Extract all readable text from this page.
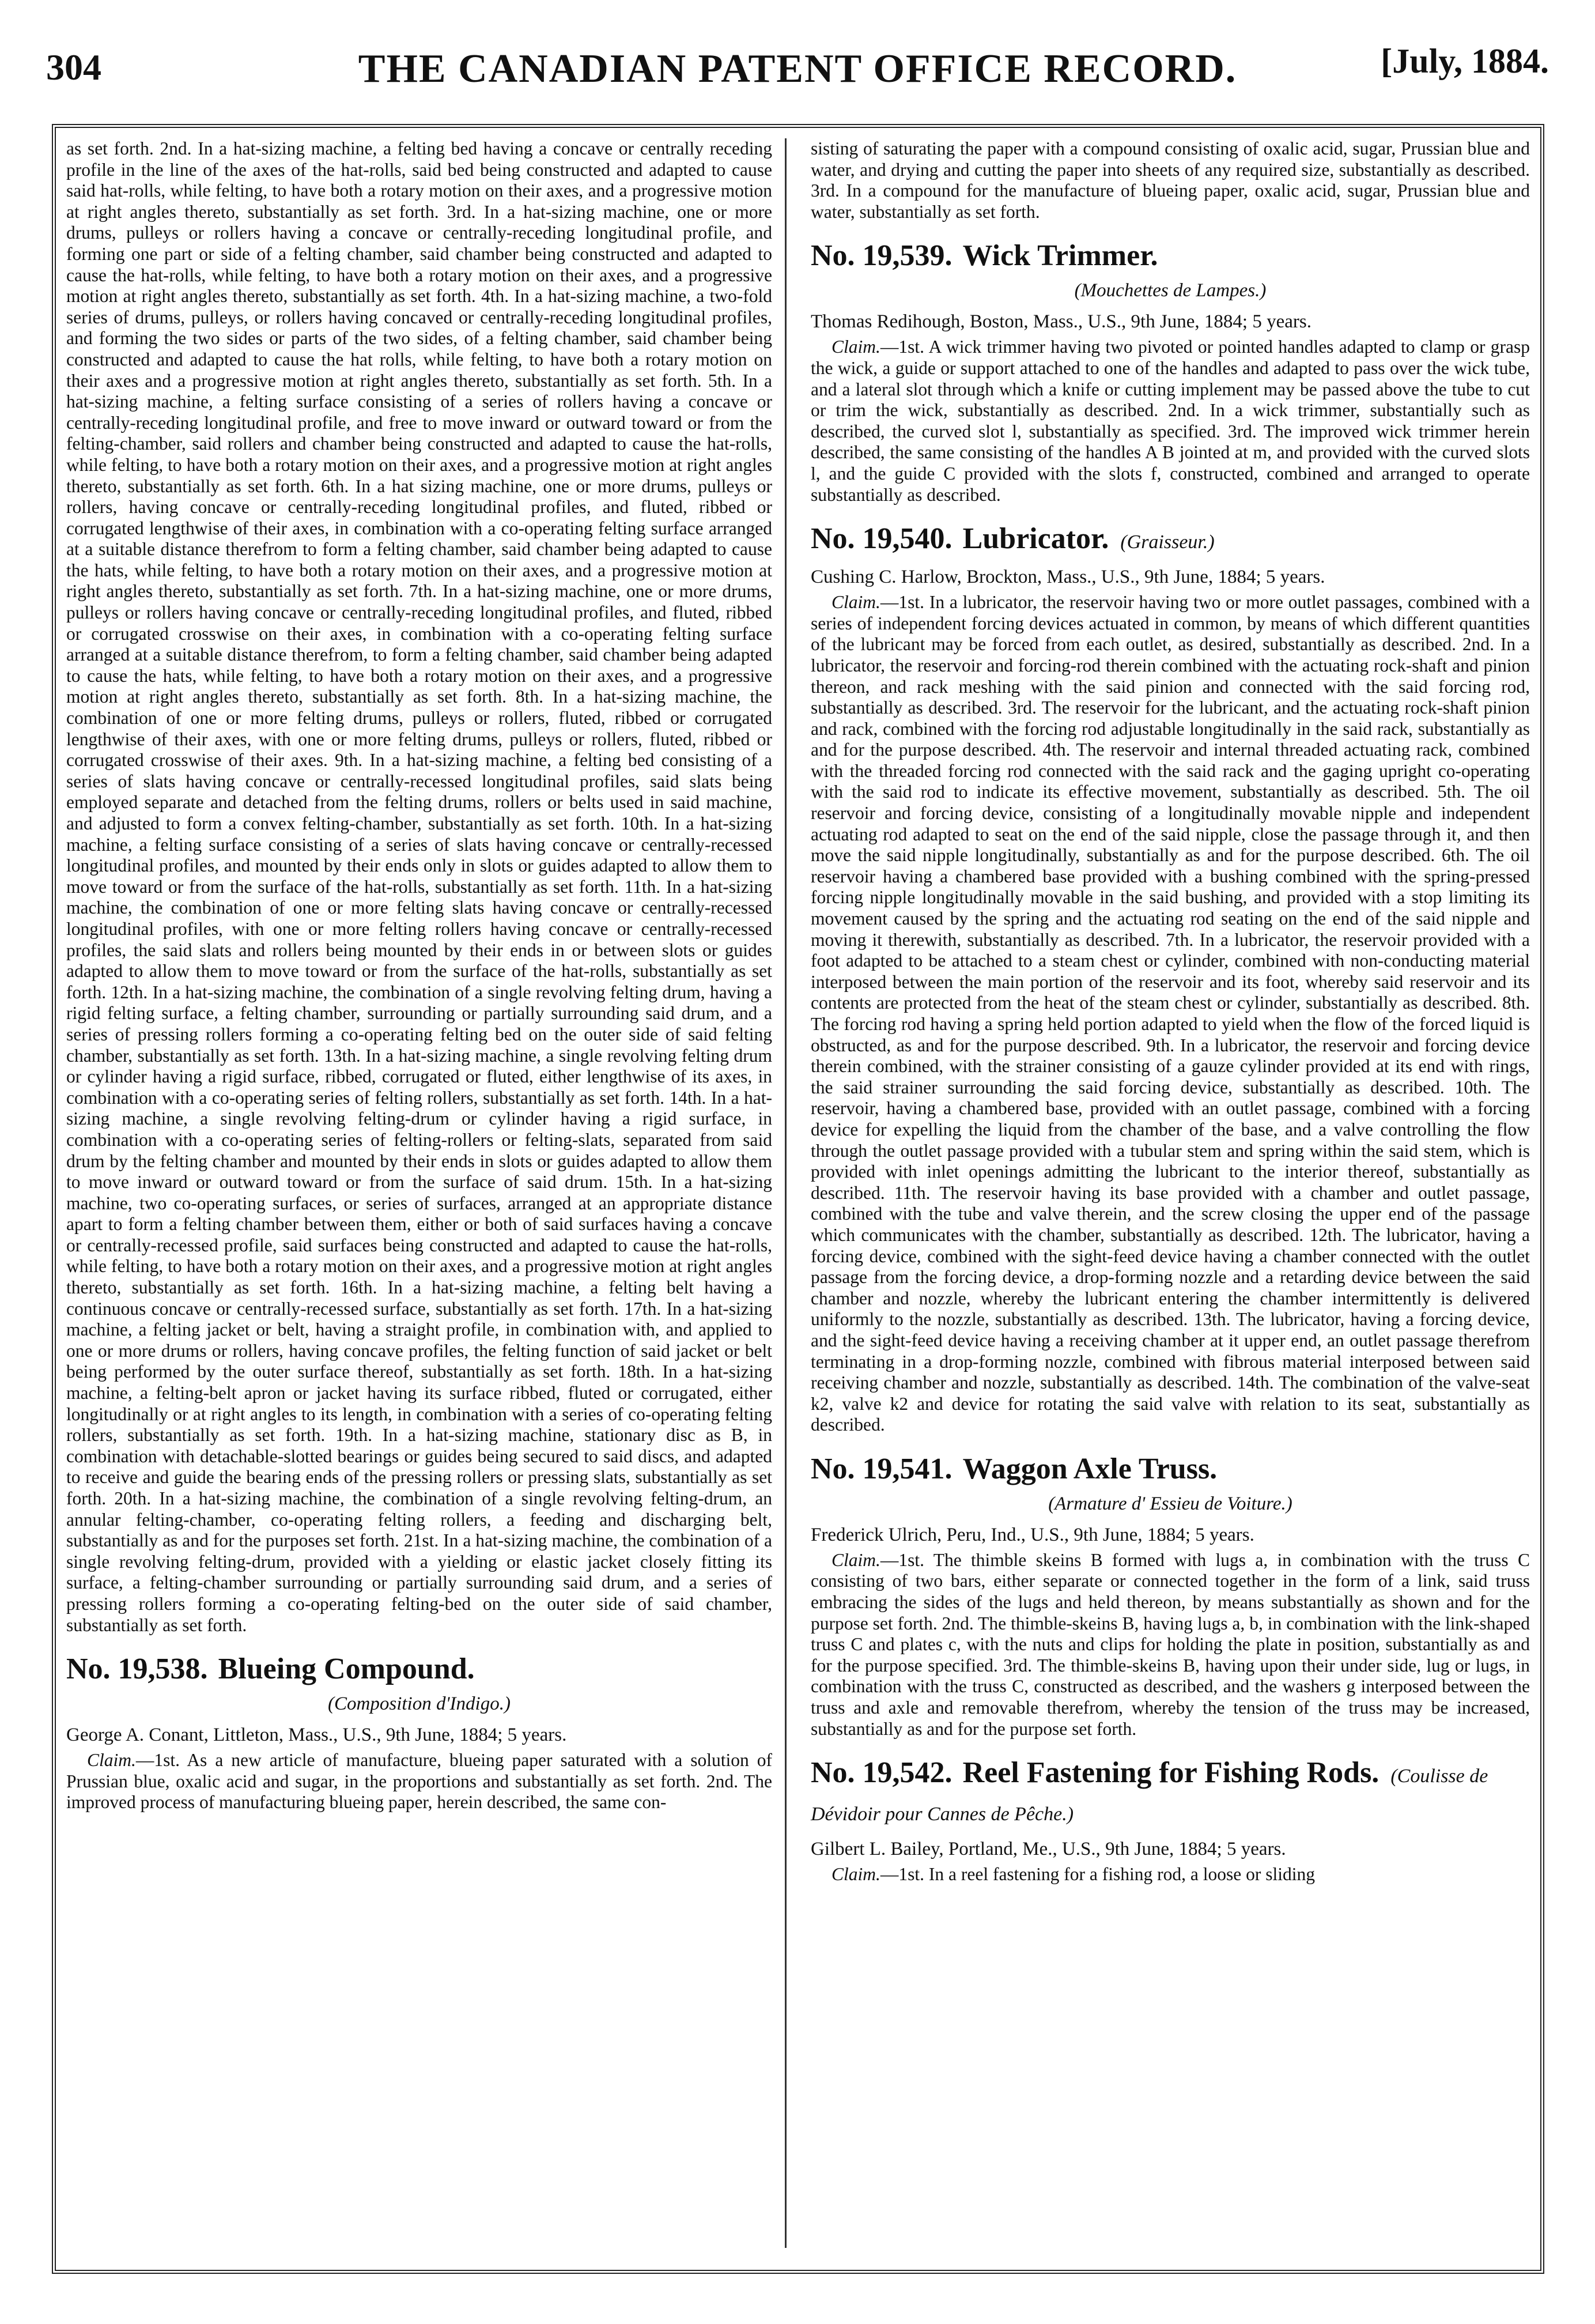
304	THE CANADIAN PATENT OFFICE RECORD.	[July, 1884.

as set forth. 2nd. In a hat-sizing machine, a felting bed having a concave or centrally receding profile in the line of the axes of the hat-rolls, said bed being constructed and adapted to cause said hat-rolls, while felting, to have both a rotary motion on their axes, and a progressive motion at right angles thereto, substantially as set forth. 3rd. In a hat-sizing machine, one or more drums, pulleys or rollers having a concave or centrally-receding longitudinal profile, and forming one part or side of a felting chamber, said chamber being constructed and adapted to cause the hat-rolls, while felting, to have both a rotary motion on their axes, and a progressive motion at right angles thereto, substantially as set forth. 4th. In a hat-sizing machine, a two-fold series of drums, pulleys, or rollers having concaved or centrally-receding longitudinal profiles, and forming the two sides or parts of the two sides, of a felting chamber, said chamber being constructed and adapted to cause the hat rolls, while felting, to have both a rotary motion on their axes and a progressive motion at right angles thereto, substantially as set forth. 5th. In a hat-sizing machine, a felting surface consisting of a series of rollers having a concave or centrally-receding longitudinal profile, and free to move inward or outward toward or from the felting-chamber, said rollers and chamber being constructed and adapted to cause the hat-rolls, while felting, to have both a rotary motion on their axes, and a progressive motion at right angles thereto, substantially as set forth. 6th. In a hat sizing machine, one or more drums, pulleys or rollers, having concave or centrally-receding longitudinal profiles, and fluted, ribbed or corrugated lengthwise of their axes, in combination with a co-operating felting surface arranged at a suitable distance therefrom to form a felting chamber, said chamber being adapted to cause the hats, while felting, to have both a rotary motion on their axes, and a progressive motion at right angles thereto, substantially as set forth. 7th. In a hat-sizing machine, one or more drums, pulleys or rollers having concave or centrally-receding longitudinal profiles, and fluted, ribbed or corrugated crosswise on their axes, in combination with a co-operating felting surface arranged at a suitable distance therefrom, to form a felting chamber, said chamber being adapted to cause the hats, while felting, to have both a rotary motion on their axes, and a progressive motion at right angles thereto, substantially as set forth. 8th. In a hat-sizing machine, the combination of one or more felting drums, pulleys or rollers, fluted, ribbed or corrugated lengthwise of their axes, with one or more felting drums, pulleys or rollers, fluted, ribbed or corrugated crosswise of their axes. 9th. In a hat-sizing machine, a felting bed consisting of a series of slats having concave or centrally-recessed longitudinal profiles, said slats being employed separate and detached from the felting drums, rollers or belts used in said machine, and adjusted to form a convex felting-chamber, substantially as set forth. 10th. In a hat-sizing machine, a felting surface consisting of a series of slats having concave or centrally-recessed longitudinal profiles, and mounted by their ends only in slots or guides adapted to allow them to move toward or from the surface of the hat-rolls, substantially as set forth. 11th. In a hat-sizing machine, the combination of one or more felting slats having concave or centrally-recessed longitudinal profiles, with one or more felting rollers having concave or centrally-recessed profiles, the said slats and rollers being mounted by their ends in or between slots or guides adapted to allow them to move toward or from the surface of the hat-rolls, substantially as set forth. 12th. In a hat-sizing machine, the combination of a single revolving felting drum, having a rigid felting surface, a felting chamber, surrounding or partially surrounding said drum, and a series of pressing rollers forming a co-operating felting bed on the outer side of said felting chamber, substantially as set forth. 13th. In a hat-sizing machine, a single revolving felting drum or cylinder having a rigid surface, ribbed, corrugated or fluted, either lengthwise of its axes, in combination with a co-operating series of felting rollers, substantially as set forth. 14th. In a hat-sizing machine, a single revolving felting-drum or cylinder having a rigid surface, in combination with a co-operating series of felting-rollers or felting-slats, separated from said drum by the felting chamber and mounted by their ends in slots or guides adapted to allow them to move inward or outward toward or from the surface of said drum. 15th. In a hat-sizing machine, two co-operating surfaces, or series of surfaces, arranged at an appropriate distance apart to form a felting chamber between them, either or both of said surfaces having a concave or centrally-recessed profile, said surfaces being constructed and adapted to cause the hat-rolls, while felting, to have both a rotary motion on their axes, and a progressive motion at right angles thereto, substantially as set forth. 16th. In a hat-sizing machine, a felting belt having a continuous concave or centrally-recessed surface, substantially as set forth. 17th. In a hat-sizing machine, a felting jacket or belt, having a straight profile, in combination with, and applied to one or more drums or rollers, having concave profiles, the felting function of said jacket or belt being performed by the outer surface thereof, substantially as set forth. 18th. In a hat-sizing machine, a felting-belt apron or jacket having its surface ribbed, fluted or corrugated, either longitudinally or at right angles to its length, in combination with a series of co-operating felting rollers, substantially as set forth. 19th. In a hat-sizing machine, stationary disc as B, in combination with detachable-slotted bearings or guides being secured to said discs, and adapted to receive and guide the bearing ends of the pressing rollers or pressing slats, substantially as set forth. 20th. In a hat-sizing machine, the combination of a single revolving felting-drum, an annular felting-chamber, co-operating felting rollers, a feeding and discharging belt, substantially as and for the purposes set forth. 21st. In a hat-sizing machine, the combination of a single revolving felting-drum, provided with a yielding or elastic jacket closely fitting its surface, a felting-chamber surrounding or partially surrounding said drum, and a series of pressing rollers forming a co-operating felting-bed on the outer side of said chamber, substantially as set forth.

No. 19,538. Blueing Compound.
(Composition d'Indigo.)

George A. Conant, Littleton, Mass., U.S., 9th June, 1884; 5 years.

Claim.—1st. As a new article of manufacture, blueing paper saturated with a solution of Prussian blue, oxalic acid and sugar, in the proportions and substantially as set forth. 2nd. The improved process of manufacturing blueing paper, herein described, the same con-

sisting of saturating the paper with a compound consisting of oxalic acid, sugar, Prussian blue and water, and drying and cutting the paper into sheets of any required size, substantially as described. 3rd. In a compound for the manufacture of blueing paper, oxalic acid, sugar, Prussian blue and water, substantially as set forth.

No. 19,539. Wick Trimmer.
(Mouchettes de Lampes.)

Thomas Redihough, Boston, Mass., U.S., 9th June, 1884; 5 years.

Claim.—1st. A wick trimmer having two pivoted or pointed handles adapted to clamp or grasp the wick, a guide or support attached to one of the handles and adapted to pass over the wick tube, and a lateral slot through which a knife or cutting implement may be passed above the tube to cut or trim the wick, substantially as described. 2nd. In a wick trimmer, substantially such as described, the curved slot l, substantially as specified. 3rd. The improved wick trimmer herein described, the same consisting of the handles A B jointed at m, and provided with the curved slots l, and the guide C provided with the slots f, constructed, combined and arranged to operate substantially as described.

No. 19,540. Lubricator. (Graisseur.)

Cushing C. Harlow, Brockton, Mass., U.S., 9th June, 1884; 5 years.

Claim.—1st. In a lubricator, the reservoir having two or more outlet passages, combined with a series of independent forcing devices actuated in common, by means of which different quantities of the lubricant may be forced from each outlet, as desired, substantially as described. 2nd. In a lubricator, the reservoir and forcing-rod therein combined with the actuating rock-shaft and pinion thereon, and rack meshing with the said pinion and connected with the said forcing rod, substantially as described. 3rd. The reservoir for the lubricant, and the actuating rock-shaft pinion and rack, combined with the forcing rod adjustable longitudinally in the said rack, substantially as and for the purpose described. 4th. The reservoir and internal threaded actuating rack, combined with the threaded forcing rod connected with the said rack and the gaging upright co-operating with the said rod to indicate its effective movement, substantially as described. 5th. The oil reservoir and forcing device, consisting of a longitudinally movable nipple and independent actuating rod adapted to seat on the end of the said nipple, close the passage through it, and then move the said nipple longitudinally, substantially as and for the purpose described. 6th. The oil reservoir having a chambered base provided with a bushing combined with the spring-pressed forcing nipple longitudinally movable in the said bushing, and provided with a stop limiting its movement caused by the spring and the actuating rod seating on the end of the said nipple and moving it therewith, substantially as described. 7th. In a lubricator, the reservoir provided with a foot adapted to be attached to a steam chest or cylinder, combined with non-conducting material interposed between the main portion of the reservoir and its foot, whereby said reservoir and its contents are protected from the heat of the steam chest or cylinder, substantially as described. 8th. The forcing rod having a spring held portion adapted to yield when the flow of the forced liquid is obstructed, as and for the purpose described. 9th. In a lubricator, the reservoir and forcing device therein combined, with the strainer consisting of a gauze cylinder provided at its end with rings, the said strainer surrounding the said forcing device, substantially as described. 10th. The reservoir, having a chambered base, provided with an outlet passage, combined with a forcing device for expelling the liquid from the chamber of the base, and a valve controlling the flow through the outlet passage provided with a tubular stem and spring within the said stem, which is provided with inlet openings admitting the lubricant to the interior thereof, substantially as described. 11th. The reservoir having its base provided with a chamber and outlet passage, combined with the tube and valve therein, and the screw closing the upper end of the passage which communicates with the chamber, substantially as described. 12th. The lubricator, having a forcing device, combined with the sight-feed device having a chamber connected with the outlet passage from the forcing device, a drop-forming nozzle and a retarding device between the said chamber and nozzle, whereby the lubricant entering the chamber intermittently is delivered uniformly to the nozzle, substantially as described. 13th. The lubricator, having a forcing device, and the sight-feed device having a receiving chamber at it upper end, an outlet passage therefrom terminating in a drop-forming nozzle, combined with fibrous material interposed between said receiving chamber and nozzle, substantially as described. 14th. The combination of the valve-seat k2, valve k2 and device for rotating the said valve with relation to its seat, substantially as described.

No. 19,541. Waggon Axle Truss.
(Armature d' Essieu de Voiture.)

Frederick Ulrich, Peru, Ind., U.S., 9th June, 1884; 5 years.

Claim.—1st. The thimble skeins B formed with lugs a, in combination with the truss C consisting of two bars, either separate or connected together in the form of a link, said truss embracing the sides of the lugs and held thereon, by means substantially as shown and for the purpose set forth. 2nd. The thimble-skeins B, having lugs a, b, in combination with the link-shaped truss C and plates c, with the nuts and clips for holding the plate in position, substantially as and for the purpose specified. 3rd. The thimble-skeins B, having upon their under side, lug or lugs, in combination with the truss C, constructed as described, and the washers g interposed between the truss and axle and removable therefrom, whereby the tension of the truss may be increased, substantially as and for the purpose set forth.

No. 19,542. Reel Fastening for Fishing Rods. (Coulisse de Dévidoir pour Cannes de Pêche.)

Gilbert L. Bailey, Portland, Me., U.S., 9th June, 1884; 5 years.

Claim.—1st. In a reel fastening for a fishing rod, a loose or sliding
